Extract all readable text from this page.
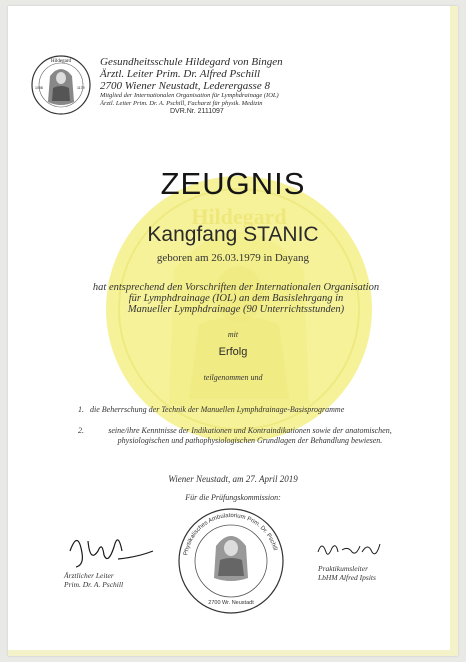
Hildegard
Hildegard
1098	1179
Gesundheitsschule Hildegard von Bingen
Ärztl. Leiter Prim. Dr. Alfred Pschill
2700 Wiener Neustadt, Lederergasse 8
Mitglied der Internationalen Organisation für Lymphdrainage (IOL)
Ärztl. Leiter Prim. Dr. A. Pschill, Facharzt für physik. Medizin
DVR.Nr. 2111097
ZEUGNIS
Kangfang STANIC
geboren am 26.03.1979 in Dayang
hat entsprechend den Vorschriften der Internationalen Organisation
für Lymphdrainage (IOL) an dem Basislehrgang in
Manueller Lymphdrainage (90 Unterrichtsstunden)
mit
Erfolg
teilgenommen und
1. die Beherrschung der Technik der Manuellen Lymphdrainage-Basisprogramme
2.	seine/ihre Kenntnisse der Indikationen und Kontraindikationen sowie der anatomischen, physiologischen und pathophysiologischen Grundlagen der Behandlung bewiesen.
Wiener Neustadt, am 27. April 2019
Für die Prüfungskommission:
Ärztlicher Leiter
Prim. Dr. A. Pschill
Physikalisches Ambulatorium Prim. Dr. Pschill
2700 Wr. Neustadt
Praktikumsleiter
LbHM Alfred Ipsits
